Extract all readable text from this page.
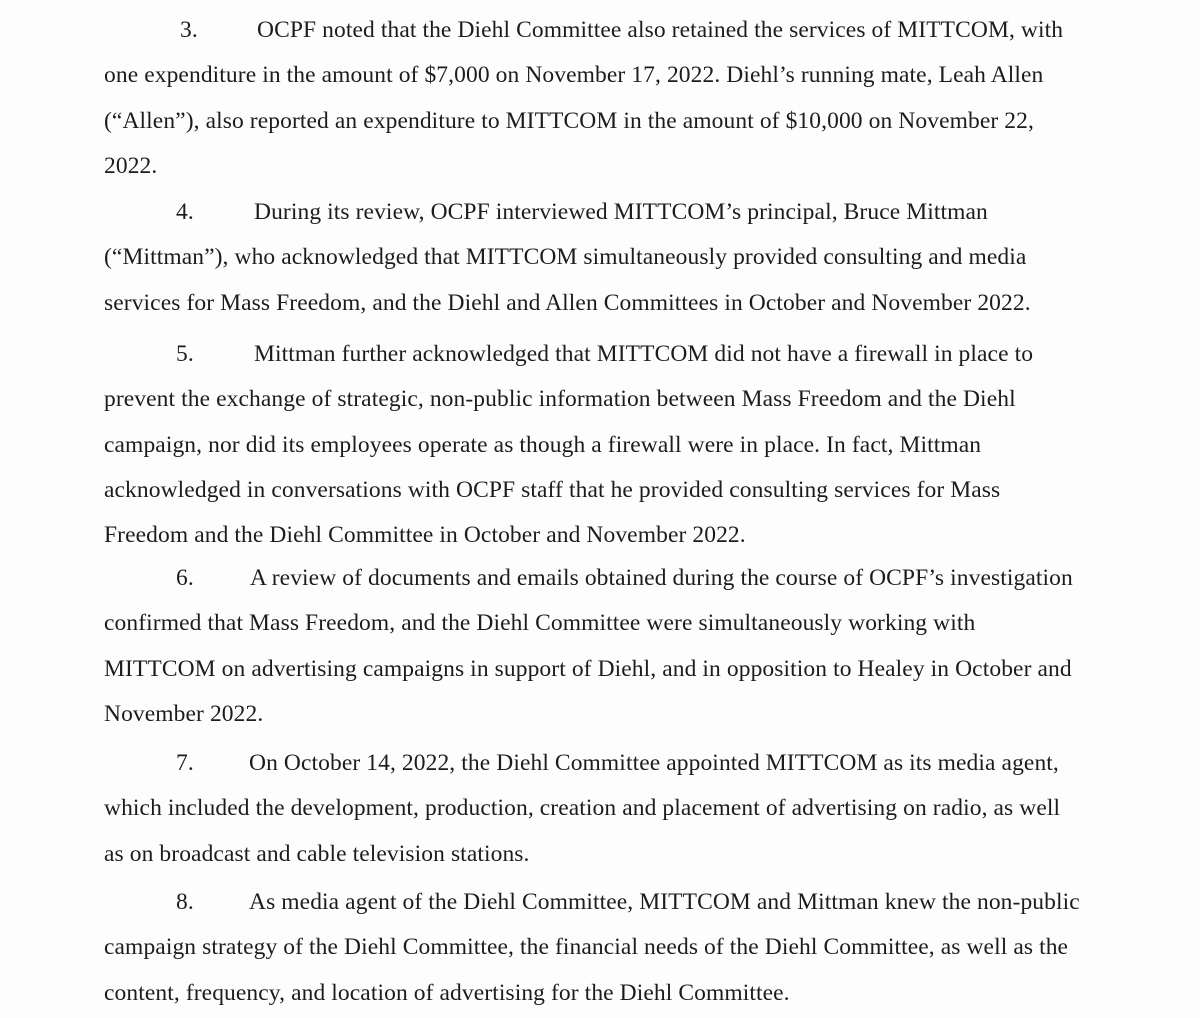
3.	OCPF noted that the Diehl Committee also retained the services of MITTCOM, with one expenditure in the amount of $7,000 on November 17, 2022. Diehl’s running mate, Leah Allen (“Allen”), also reported an expenditure to MITTCOM in the amount of $10,000 on November 22, 2022.

4.	During its review, OCPF interviewed MITTCOM’s principal, Bruce Mittman (“Mittman”), who acknowledged that MITTCOM simultaneously provided consulting and media services for Mass Freedom, and the Diehl and Allen Committees in October and November 2022.

5.	Mittman further acknowledged that MITTCOM did not have a firewall in place to prevent the exchange of strategic, non-public information between Mass Freedom and the Diehl campaign, nor did its employees operate as though a firewall were in place. In fact, Mittman acknowledged in conversations with OCPF staff that he provided consulting services for Mass Freedom and the Diehl Committee in October and November 2022.

6. A review of documents and emails obtained during the course of OCPF’s investigation confirmed that Mass Freedom, and the Diehl Committee were simultaneously working with MITTCOM on advertising campaigns in support of Diehl, and in opposition to Healey in October and November 2022.

7. On October 14, 2022, the Diehl Committee appointed MITTCOM as its media agent, which included the development, production, creation and placement of advertising on radio, as well as on broadcast and cable television stations.

8. As media agent of the Diehl Committee, MITTCOM and Mittman knew the non-public campaign strategy of the Diehl Committee, the financial needs of the Diehl Committee, as well as the content, frequency, and location of advertising for the Diehl Committee.
